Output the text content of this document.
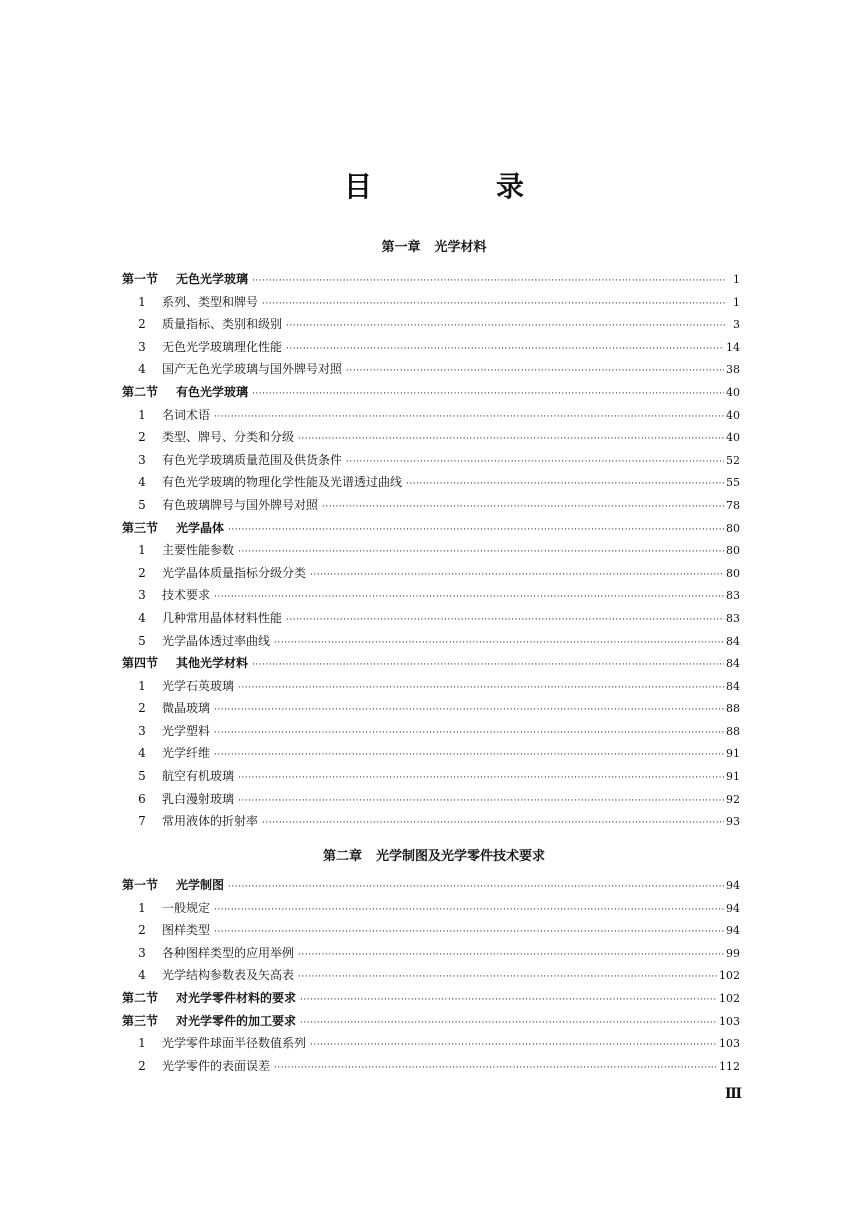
目　录
第一章 光学材料
第一节	无色光学玻璃 ·····	1
1	系列、类型和牌号 ·····	1
2	质量指标、类别和级别 ·····	3
3	无色光学玻璃理化性能 ·····	14
4	国产无色光学玻璃与国外牌号对照 ·····	38
第二节	有色光学玻璃 ·····	40
1	名词术语 ·····	40
2	类型、牌号、分类和分级 ·····	40
3	有色光学玻璃质量范围及供货条件 ·····	52
4	有色光学玻璃的物理化学性能及光谱透过曲线 ·····	55
5	有色玻璃牌号与国外牌号对照 ·····	78
第三节	光学晶体 ·····	80
1	主要性能参数 ·····	80
2	光学晶体质量指标分级分类 ·····	80
3	技术要求 ·····	83
4	几种常用晶体材料性能 ·····	83
5	光学晶体透过率曲线 ·····	84
第四节	其他光学材料 ·····	84
1	光学石英玻璃 ·····	84
2	微晶玻璃 ·····	88
3	光学塑料 ·····	88
4	光学纤维 ·····	91
5	航空有机玻璃 ·····	91
6	乳白漫射玻璃 ·····	92
7	常用液体的折射率 ·····	93
第二章 光学制图及光学零件技术要求
第一节	光学制图 ·····	94
1	一般规定 ·····	94
2	图样类型 ·····	94
3	各种图样类型的应用举例 ·····	99
4	光学结构参数表及矢高表 ·····	102
第二节	对光学零件材料的要求 ·····	102
第三节	对光学零件的加工要求 ·····	103
1	光学零件球面半径数值系列 ·····	103
2	光学零件的表面误差 ·····	112
Ⅲ
